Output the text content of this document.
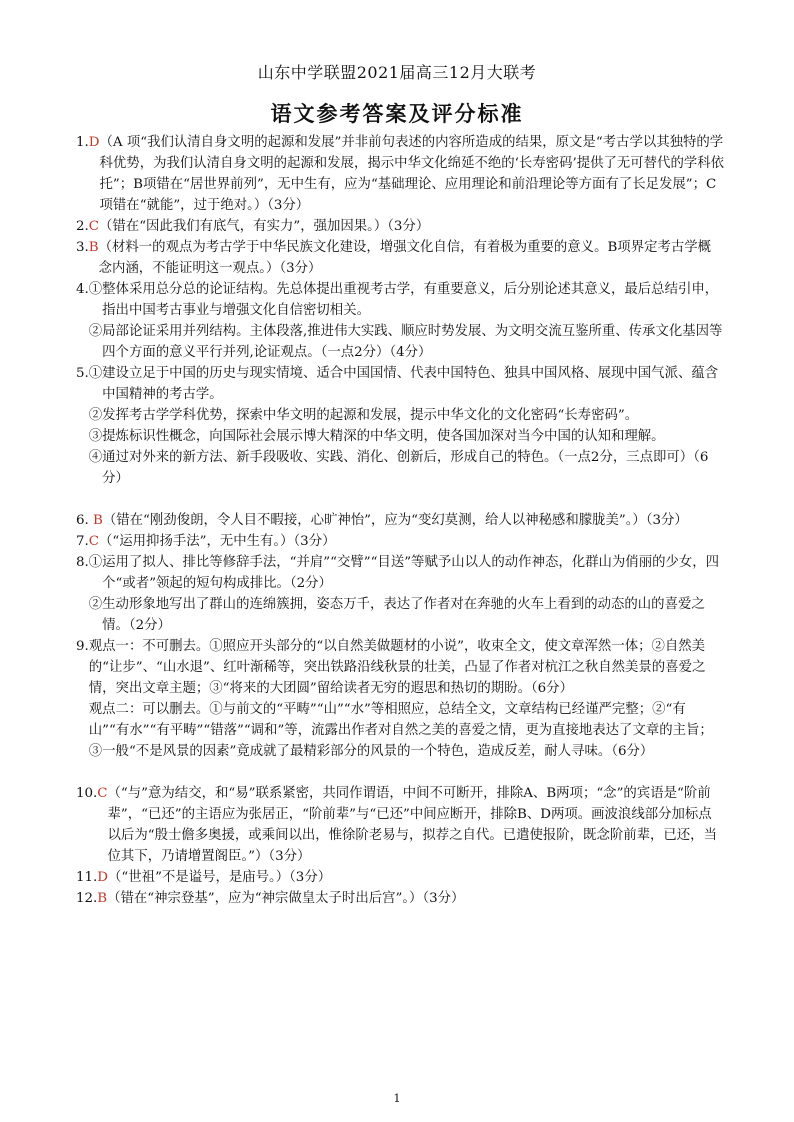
山东中学联盟2021届高三12月大联考
语文参考答案及评分标准
1.D （A 项“我们认清自身文明的起源和发展”并非前句表述的内容所造成的结果，原文是“考古学以其独特的学科优势，为我们认清自身文明的起源和发展，揭示中华文化绵延不绝的‘长寿密码’提供了无可替代的学科依托”；B项错在“居世界前列”，无中生有，应为“基础理论、应用理论和前沿理论等方面有了长足发展”；C项错在“就能”，过于绝对。）（3分）
2.C （错在“因此我们有底气，有实力”，强加因果。）（3分）
3.B （材料一的观点为考古学于中华民族文化建设，增强文化自信，有着极为重要的意义。B项界定考古学概念内涵，不能证明这一观点。）（3分）
4. ①整体采用总分总的论证结构。先总体提出重视考古学，有重要意义，后分别论述其意义，最后总结引申，指出中国考古事业与增强文化自信密切相关。
②局部论证采用并列结构。主体段落,推进伟大实践、顺应时势发展、为文明交流互鉴所重、传承文化基因等四个方面的意义平行并列,论证观点。（一点2分）（4分）
5. ①建设立足于中国的历史与现实情境、适合中国国情、代表中国特色、独具中国风格、展现中国气派、蕴含中国精神的考古学。
②发挥考古学学科优势，探索中华文明的起源和发展，提示中华文化的文化密码“长寿密码”。
③提炼标识性概念，向国际社会展示博大精深的中华文明，使各国加深对当今中国的认知和理解。
④通过对外来的新方法、新手段吸收、实践、消化、创新后，形成自己的特色。（一点2分，三点即可）（6分）
6. B （错在“刚劲俊朗，令人目不暇接，心旷神怡”，应为“变幻莫测，给人以神秘感和朦胧美”。）（3分）
7.C （“运用抑扬手法”，无中生有。）（3分）
8. ①运用了拟人、排比等修辞手法，“并肩”“交臂”“目送”等赋予山以人的动作神态，化群山为俏丽的少女，四个“或者”领起的短句构成排比。（2分）
②生动形象地写出了群山的连绵簇拥，姿态万千，表达了作者对在奔驰的火车上看到的动态的山的喜爱之情。（2分）
9. 观点一：不可删去。①照应开头部分的“以自然美做题材的小说”，收束全文，使文章浑然一体；②自然美的“让步”、“山水退”、红叶渐稀等，突出铁路沿线秋景的壮美，凸显了作者对杭江之秋自然美景的喜爱之情，突出文章主题；③“将来的大团圆”留给读者无穷的遐思和热切的期盼。（6分）
观点二：可以删去。①与前文的“平畴”“山”“水”等相照应，总结全文，文章结构已经谨严完整；②“有山”“有水”“有平畴”“错落”“调和”等，流露出作者对自然之美的喜爱之情，更为直接地表达了文章的主旨；③一般“不是风景的因素”竟成就了最精彩部分的风景的一个特色，造成反差，耐人寻味。（6分）
10.C （“与”意为结交，和“易”联系紧密，共同作谓语，中间不可断开，排除A、B两项；“念”的宾语是“阶前辈”，“已还”的主语应为张居正，“阶前辈”与“已还”中间应断开，排除B、D两项。画波浪线部分加标点以后为“殷士儋多奥援，或乘间以出，惟徐阶老易与，拟荐之自代。已遣使报阶，既念阶前辈，已还，当位其下，乃请增置阁臣。”）（3分）
11.D （“世祖”不是谥号，是庙号。）（3分）
12.B （错在“神宗登基”，应为“神宗做皇太子时出后宫”。）（3分）
1
